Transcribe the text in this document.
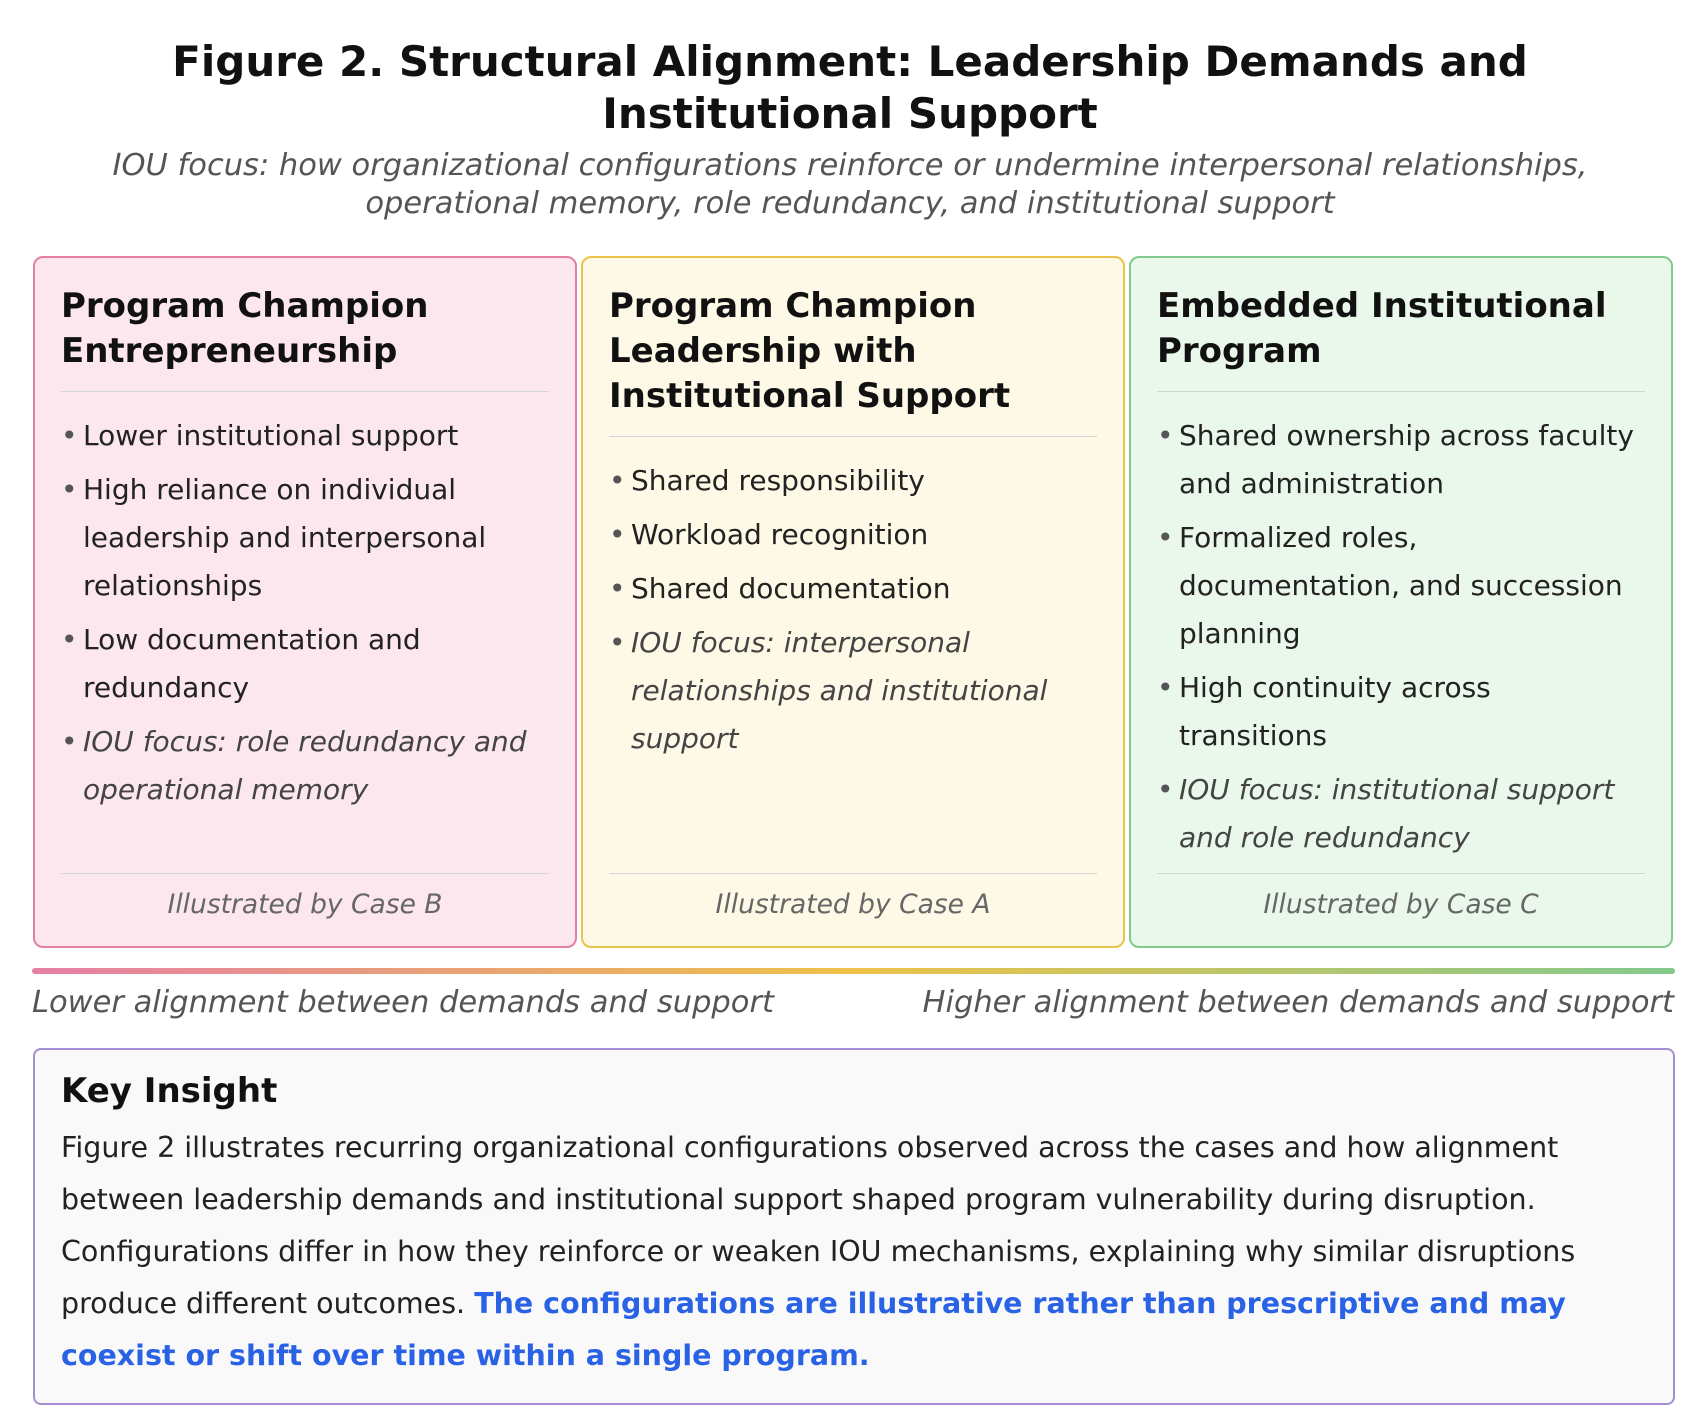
Figure 2. Structural Alignment: Leadership Demands and Institutional Support
IOU focus: how organizational configurations reinforce or undermine interpersonal relationships, operational memory, role redundancy, and institutional support
Program Champion Entrepreneurship
• Lower institutional support
• High reliance on individual leadership and interpersonal relationships
• Low documentation and redundancy
• IOU focus: role redundancy and operational memory
Illustrated by Case B
Program Champion Leadership with Institutional Support
• Shared responsibility
• Workload recognition
• Shared documentation
• IOU focus: interpersonal relationships and institutional support
Illustrated by Case A
Embedded Institutional Program
• Shared ownership across faculty and administration
• Formalized roles, documentation, and succession planning
• High continuity across transitions
• IOU focus: institutional support and role redundancy
Illustrated by Case C
Lower alignment between demands and support	Higher alignment between demands and support
Key Insight
Figure 2 illustrates recurring organizational configurations observed across the cases and how alignment between leadership demands and institutional support shaped program vulnerability during disruption. Configurations differ in how they reinforce or weaken IOU mechanisms, explaining why similar disruptions produce different outcomes. The configurations are illustrative rather than prescriptive and may coexist or shift over time within a single program.
